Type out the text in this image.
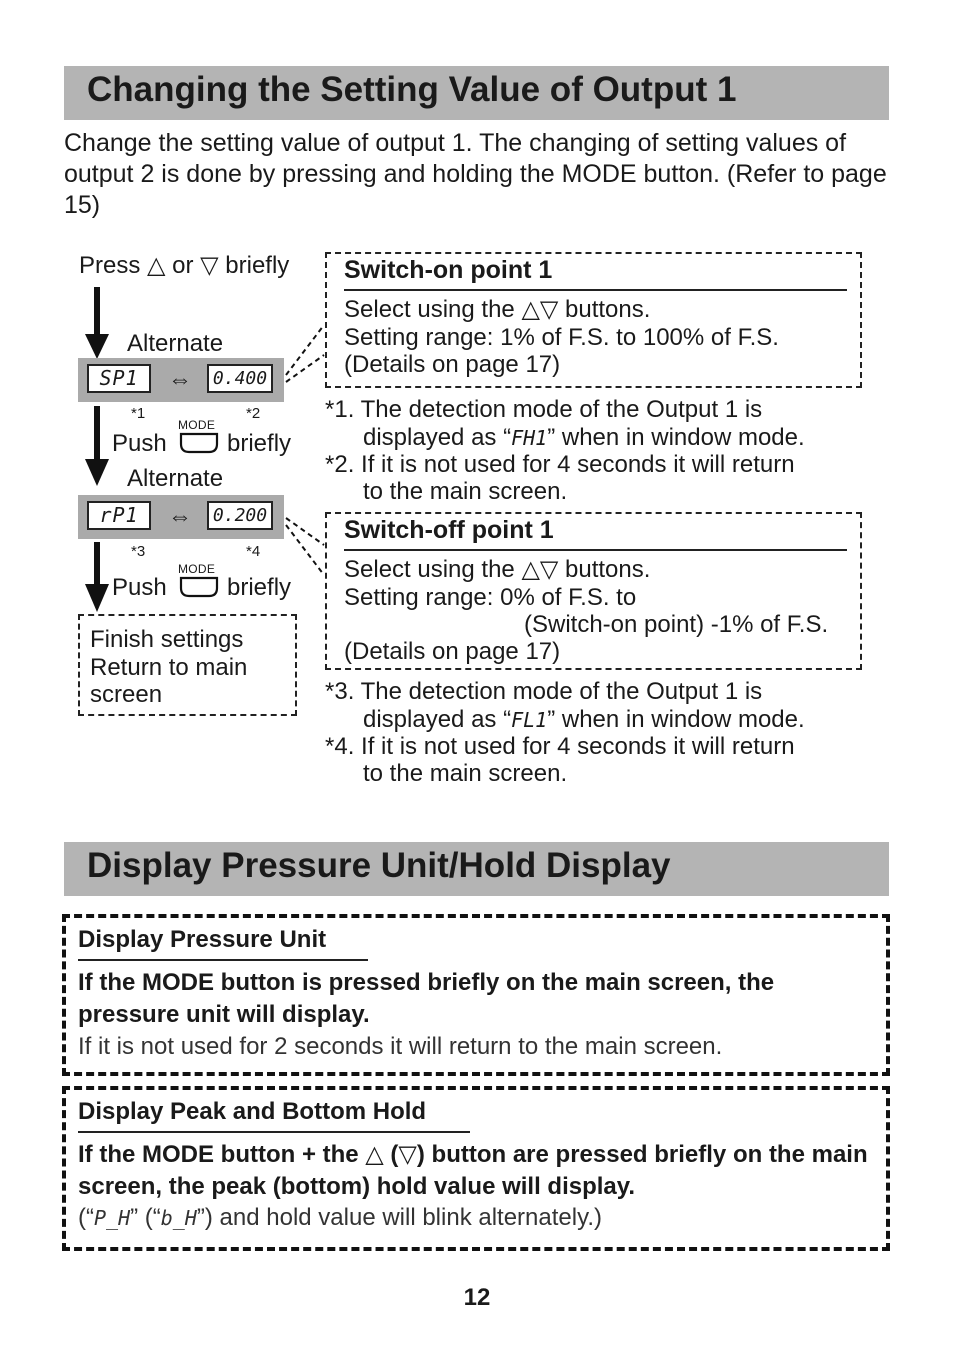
Changing the Setting Value of Output 1
Change the setting value of output 1. The changing of setting values of output 2 is done by pressing and holding the MODE button. (Refer to page 15)
Press △ or ▽ briefly
Alternate
SP1	⇔	0.400
*1	*2
MODE
Push	briefly
Alternate
rP1	⇔	0.200
*3	*4
MODE
Push	briefly
Finish settings
Return to main
screen
Switch-on point 1
Select using the △▽ buttons.
Setting range: 1% of F.S. to 100% of F.S.
(Details on page 17)
*1. The detection mode of the Output 1 is
displayed as “FH1” when in window mode.
*2. If it is not used for 4 seconds it will return
to the main screen.
Switch-off point 1
Select using the △▽ buttons.
Setting range: 0% of F.S. to
(Switch-on point) -1% of F.S.
(Details on page 17)
*3. The detection mode of the Output 1 is
displayed as “FL1” when in window mode.
*4. If it is not used for 4 seconds it will return
to the main screen.
Display Pressure Unit/Hold Display
Display Pressure Unit
If the MODE button is pressed briefly on the main screen, the pressure unit will display.
If it is not used for 2 seconds it will return to the main screen.
Display Peak and Bottom Hold
If the MODE button + the △ (▽) button are pressed briefly on the main screen, the peak (bottom) hold value will display.
(“P_H” (“b_H”) and hold value will blink alternately.)
12
